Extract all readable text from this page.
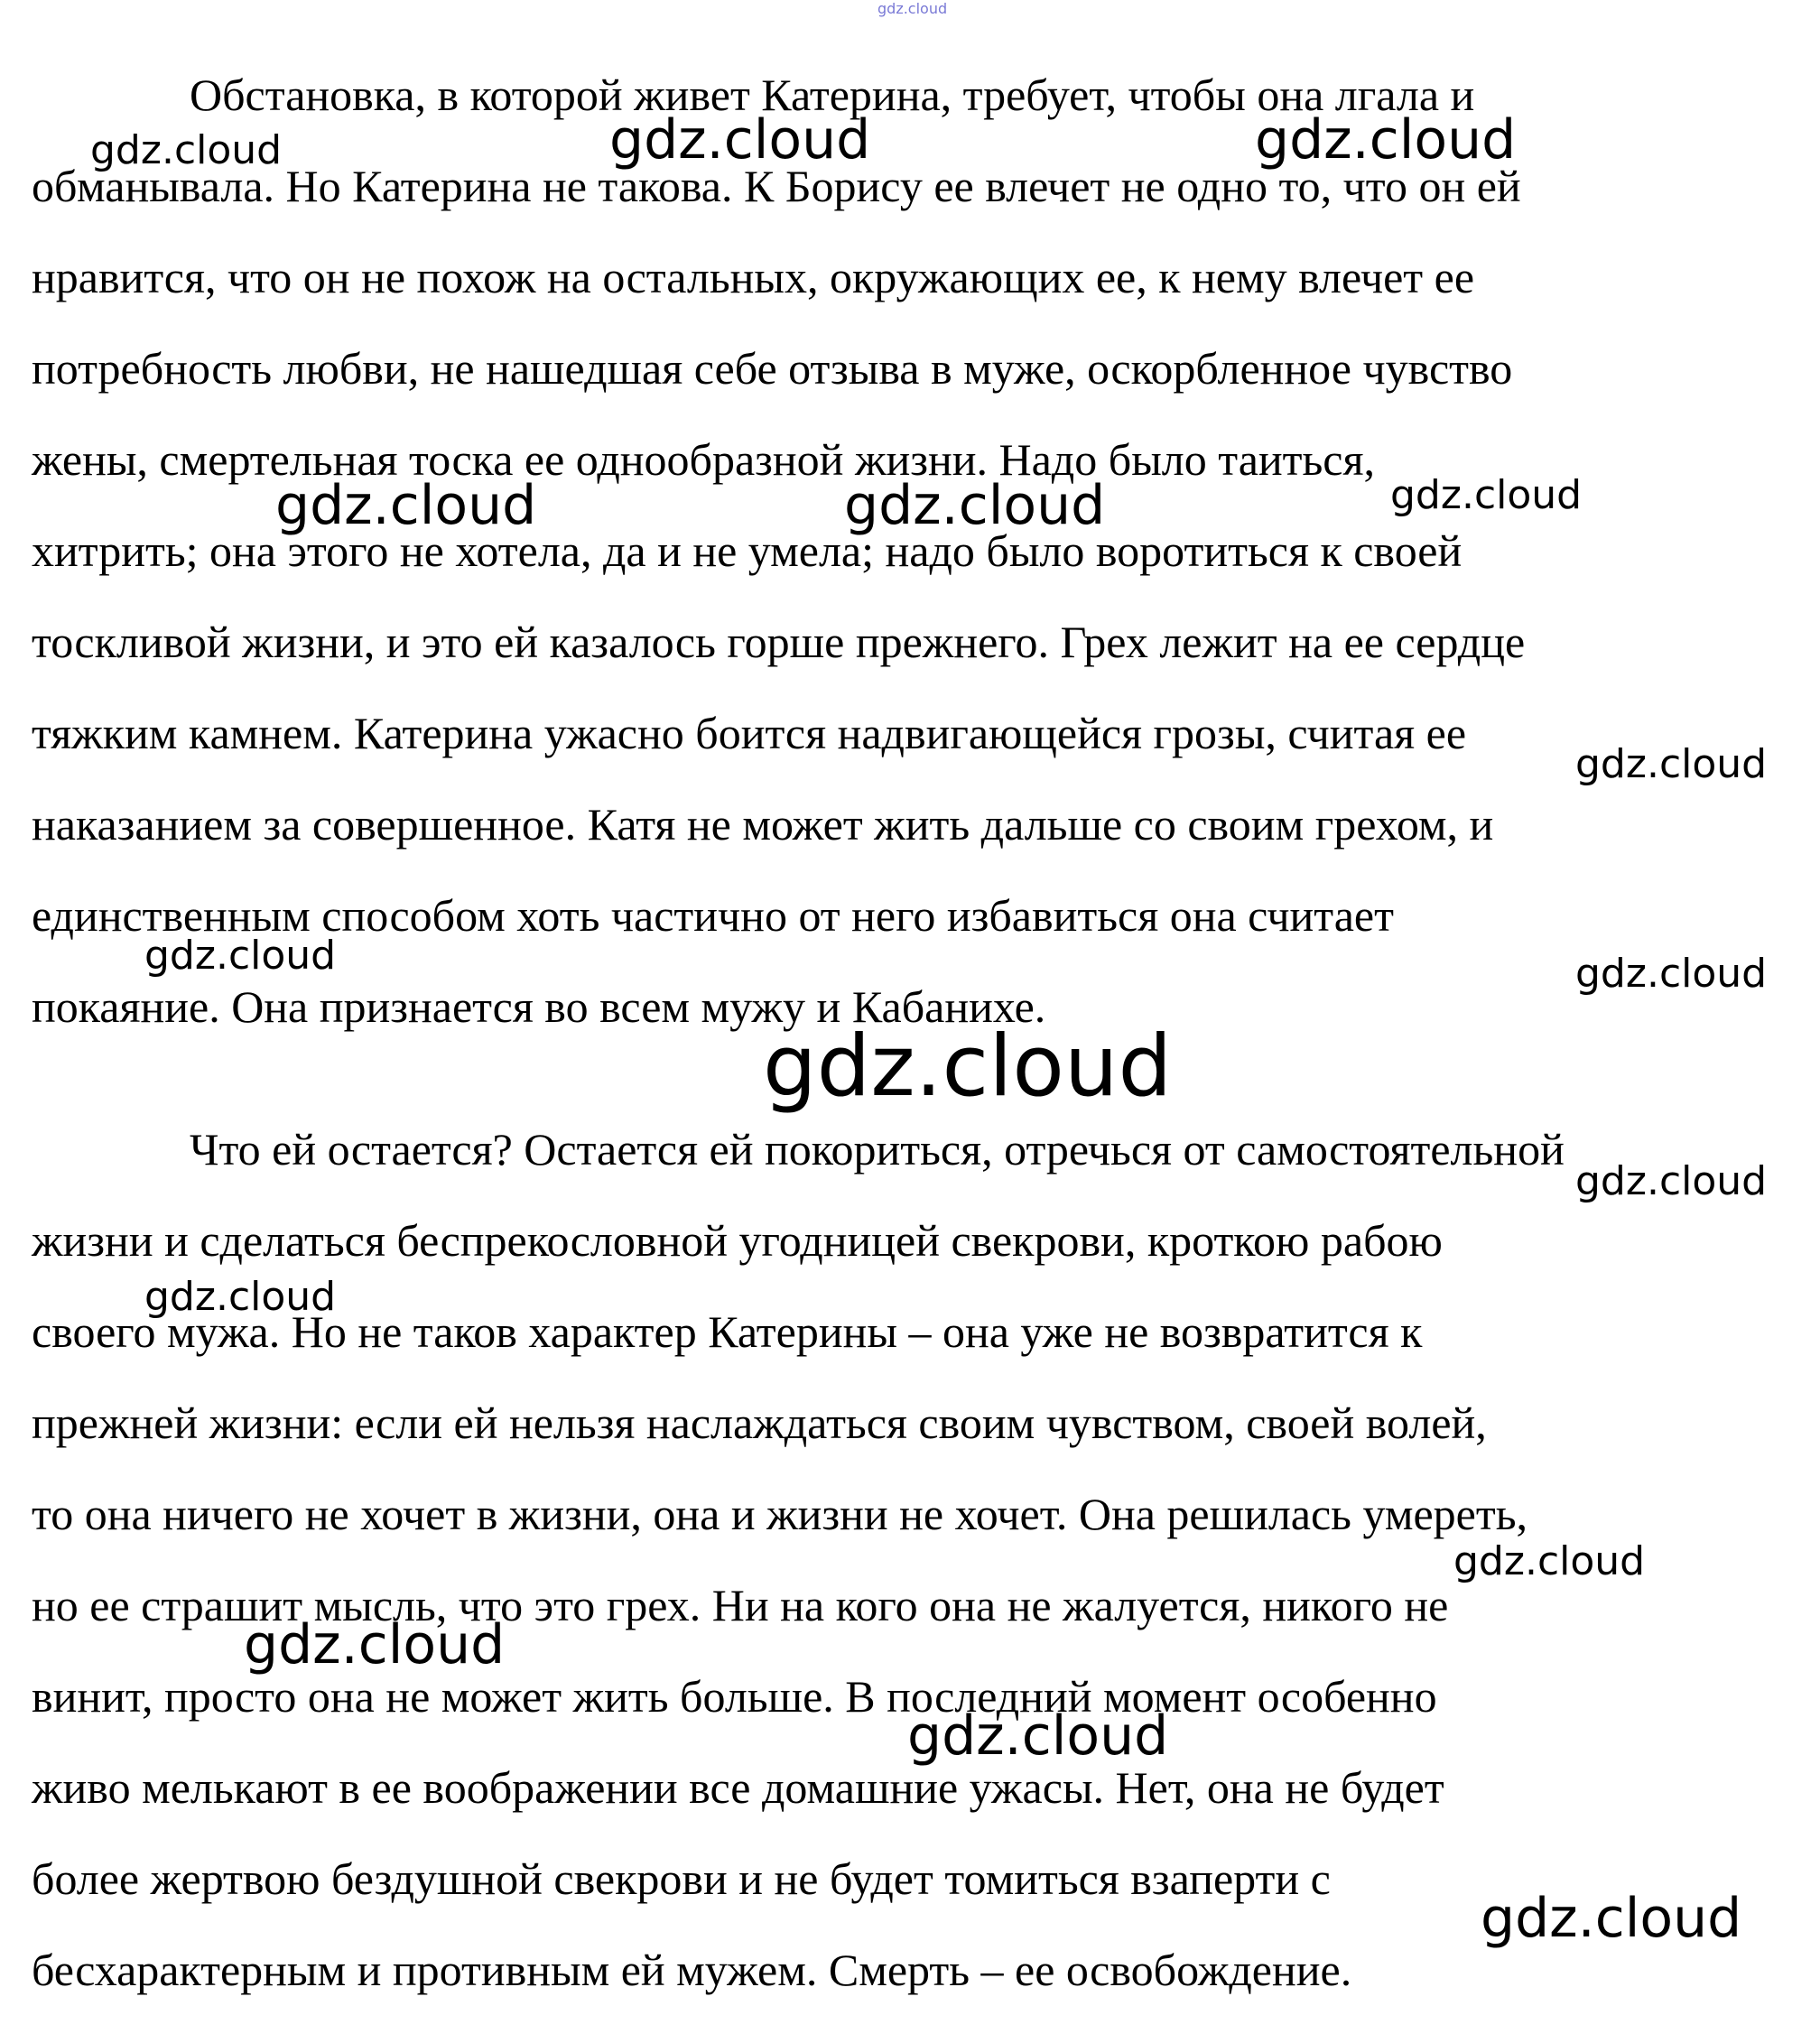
gdz.cloud
Обстановка, в которой живет Катерина, требует, чтобы она лгала и
обманывала. Но Катерина не такова. К Борису ее влечет не одно то, что он ей
нравится, что он не похож на остальных, окружающих ее, к нему влечет ее
потребность любви, не нашедшая себе отзыва в муже, оскорбленное чувство
жены, смертельная тоска ее однообразной жизни. Надо было таиться,
хитрить; она этого не хотела, да и не умела; надо было воротиться к своей
тоскливой жизни, и это ей казалось горше прежнего. Грех лежит на ее сердце
тяжким камнем. Катерина ужасно боится надвигающейся грозы, считая ее
наказанием за совершенное. Катя не может жить дальше со своим грехом, и
единственным способом хоть частично от него избавиться она считает
покаяние. Она признается во всем мужу и Кабанихе.
Что ей остается? Остается ей покориться, отречься от самостоятельной
жизни и сделаться беспрекословной угодницей свекрови, кроткою рабою
своего мужа. Но не таков характер Катерины – она уже не возвратится к
прежней жизни: если ей нельзя наслаждаться своим чувством, своей волей,
то она ничего не хочет в жизни, она и жизни не хочет. Она решилась умереть,
но ее страшит мысль, что это грех. Ни на кого она не жалуется, никого не
винит, просто она не может жить больше. В последний момент особенно
живо мелькают в ее воображении все домашние ужасы. Нет, она не будет
более жертвою бездушной свекрови и не будет томиться взаперти с
бесхарактерным и противным ей мужем. Смерть – ее освобождение.
gdz.cloud	gdz.cloud	gdz.cloud
gdz.cloud	gdz.cloud	gdz.cloud
gdz.cloud
gdz.cloud	gdz.cloud
gdz.cloud
gdz.cloud
gdz.cloud
gdz.cloud
gdz.cloud
gdz.cloud
gdz.cloud
